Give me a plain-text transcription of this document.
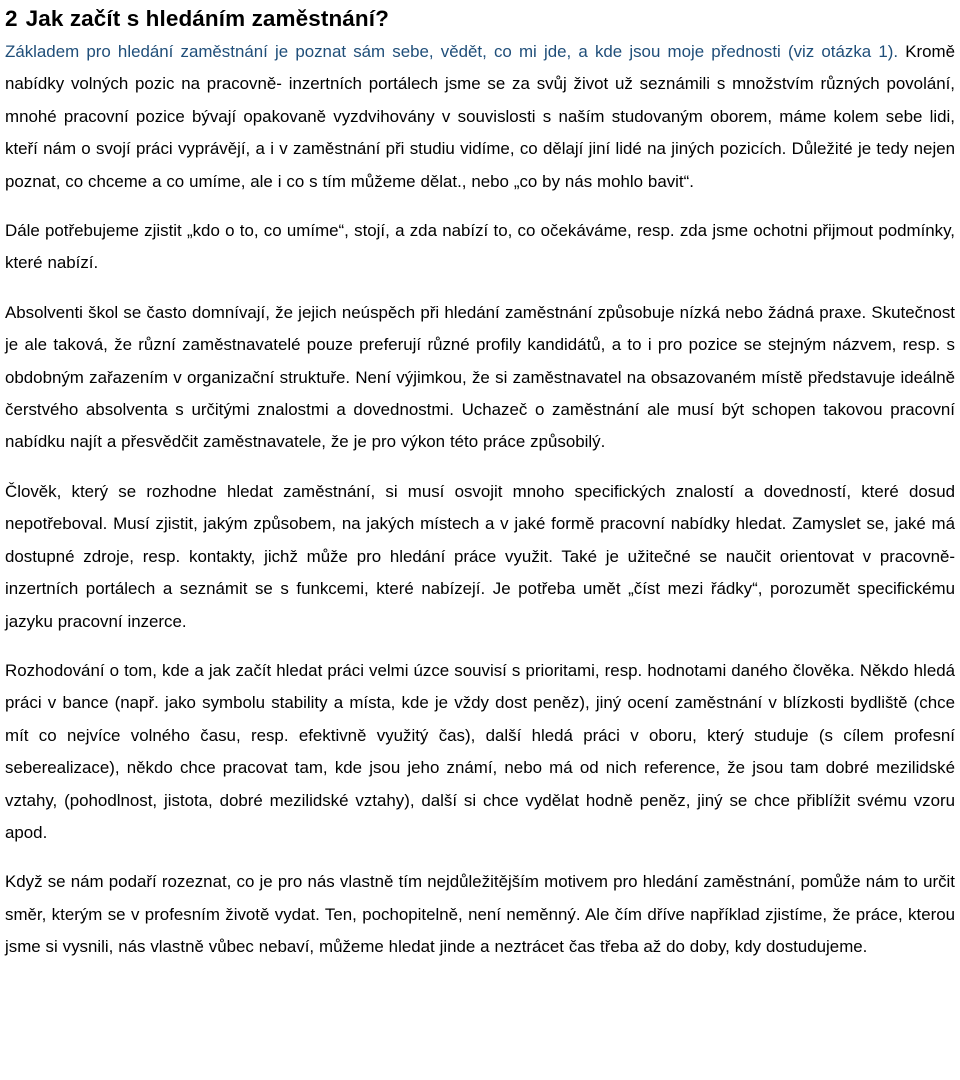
2 Jak začít s hledáním zaměstnání?

Základem pro hledání zaměstnání je poznat sám sebe, vědět, co mi jde, a kde jsou moje přednosti (viz otázka 1). Kromě nabídky volných pozic na pracovně- inzertních portálech jsme se za svůj život už seznámili s množstvím různých povolání, mnohé pracovní pozice bývají opakovaně vyzdvihovány v souvislosti s naším studovaným oborem, máme kolem sebe lidi, kteří nám o svojí práci vyprávějí, a i v zaměstnání při studiu vidíme, co dělají jiní lidé na jiných pozicích. Důležité je tedy nejen poznat, co chceme a co umíme, ale i co s tím můžeme dělat., nebo „co by nás mohlo bavit“.

Dále potřebujeme zjistit „kdo o to, co umíme“, stojí, a zda nabízí to, co očekáváme, resp. zda jsme ochotni přijmout podmínky, které nabízí.

Absolventi škol se často domnívají, že jejich neúspěch při hledání zaměstnání způsobuje nízká nebo žádná praxe. Skutečnost je ale taková, že různí zaměstnavatelé pouze preferují různé profily kandidátů, a to i pro pozice se stejným názvem, resp. s obdobným zařazením v organizační struktuře. Není výjimkou, že si zaměstnavatel na obsazovaném místě představuje ideálně čerstvého absolventa s určitými znalostmi a dovednostmi. Uchazeč o zaměstnání ale musí být schopen takovou pracovní nabídku najít a přesvědčit zaměstnavatele, že je pro výkon této práce způsobilý.

Člověk, který se rozhodne hledat zaměstnání, si musí osvojit mnoho specifických znalostí a dovedností, které dosud nepotřeboval. Musí zjistit, jakým způsobem, na jakých místech a v jaké formě pracovní nabídky hledat. Zamyslet se, jaké má dostupné zdroje, resp. kontakty, jichž může pro hledání práce využit. Také je užitečné se naučit orientovat v pracovně-inzertních portálech a seznámit se s funkcemi, které nabízejí. Je potřeba umět „číst mezi řádky“, porozumět specifickému jazyku pracovní inzerce.

Rozhodování o tom, kde a jak začít hledat práci velmi úzce souvisí s prioritami, resp. hodnotami daného člověka. Někdo hledá práci v bance (např. jako symbolu stability a místa, kde je vždy dost peněz), jiný ocení zaměstnání v blízkosti bydliště (chce mít co nejvíce volného času, resp. efektivně využitý čas), další hledá práci v oboru, který studuje (s cílem profesní seberealizace), někdo chce pracovat tam, kde jsou jeho známí, nebo má od nich reference, že jsou tam dobré mezilidské vztahy, (pohodlnost, jistota, dobré mezilidské vztahy), další si chce vydělat hodně peněz, jiný se chce přiblížit svému vzoru apod.

Když se nám podaří rozeznat, co je pro nás vlastně tím nejdůležitějším motivem pro hledání zaměstnání, pomůže nám to určit směr, kterým se v profesním životě vydat. Ten, pochopitelně, není neměnný. Ale čím dříve například zjistíme, že práce, kterou jsme si vysnili, nás vlastně vůbec nebaví, můžeme hledat jinde a neztrácet čas třeba až do doby, kdy dostudujeme.
